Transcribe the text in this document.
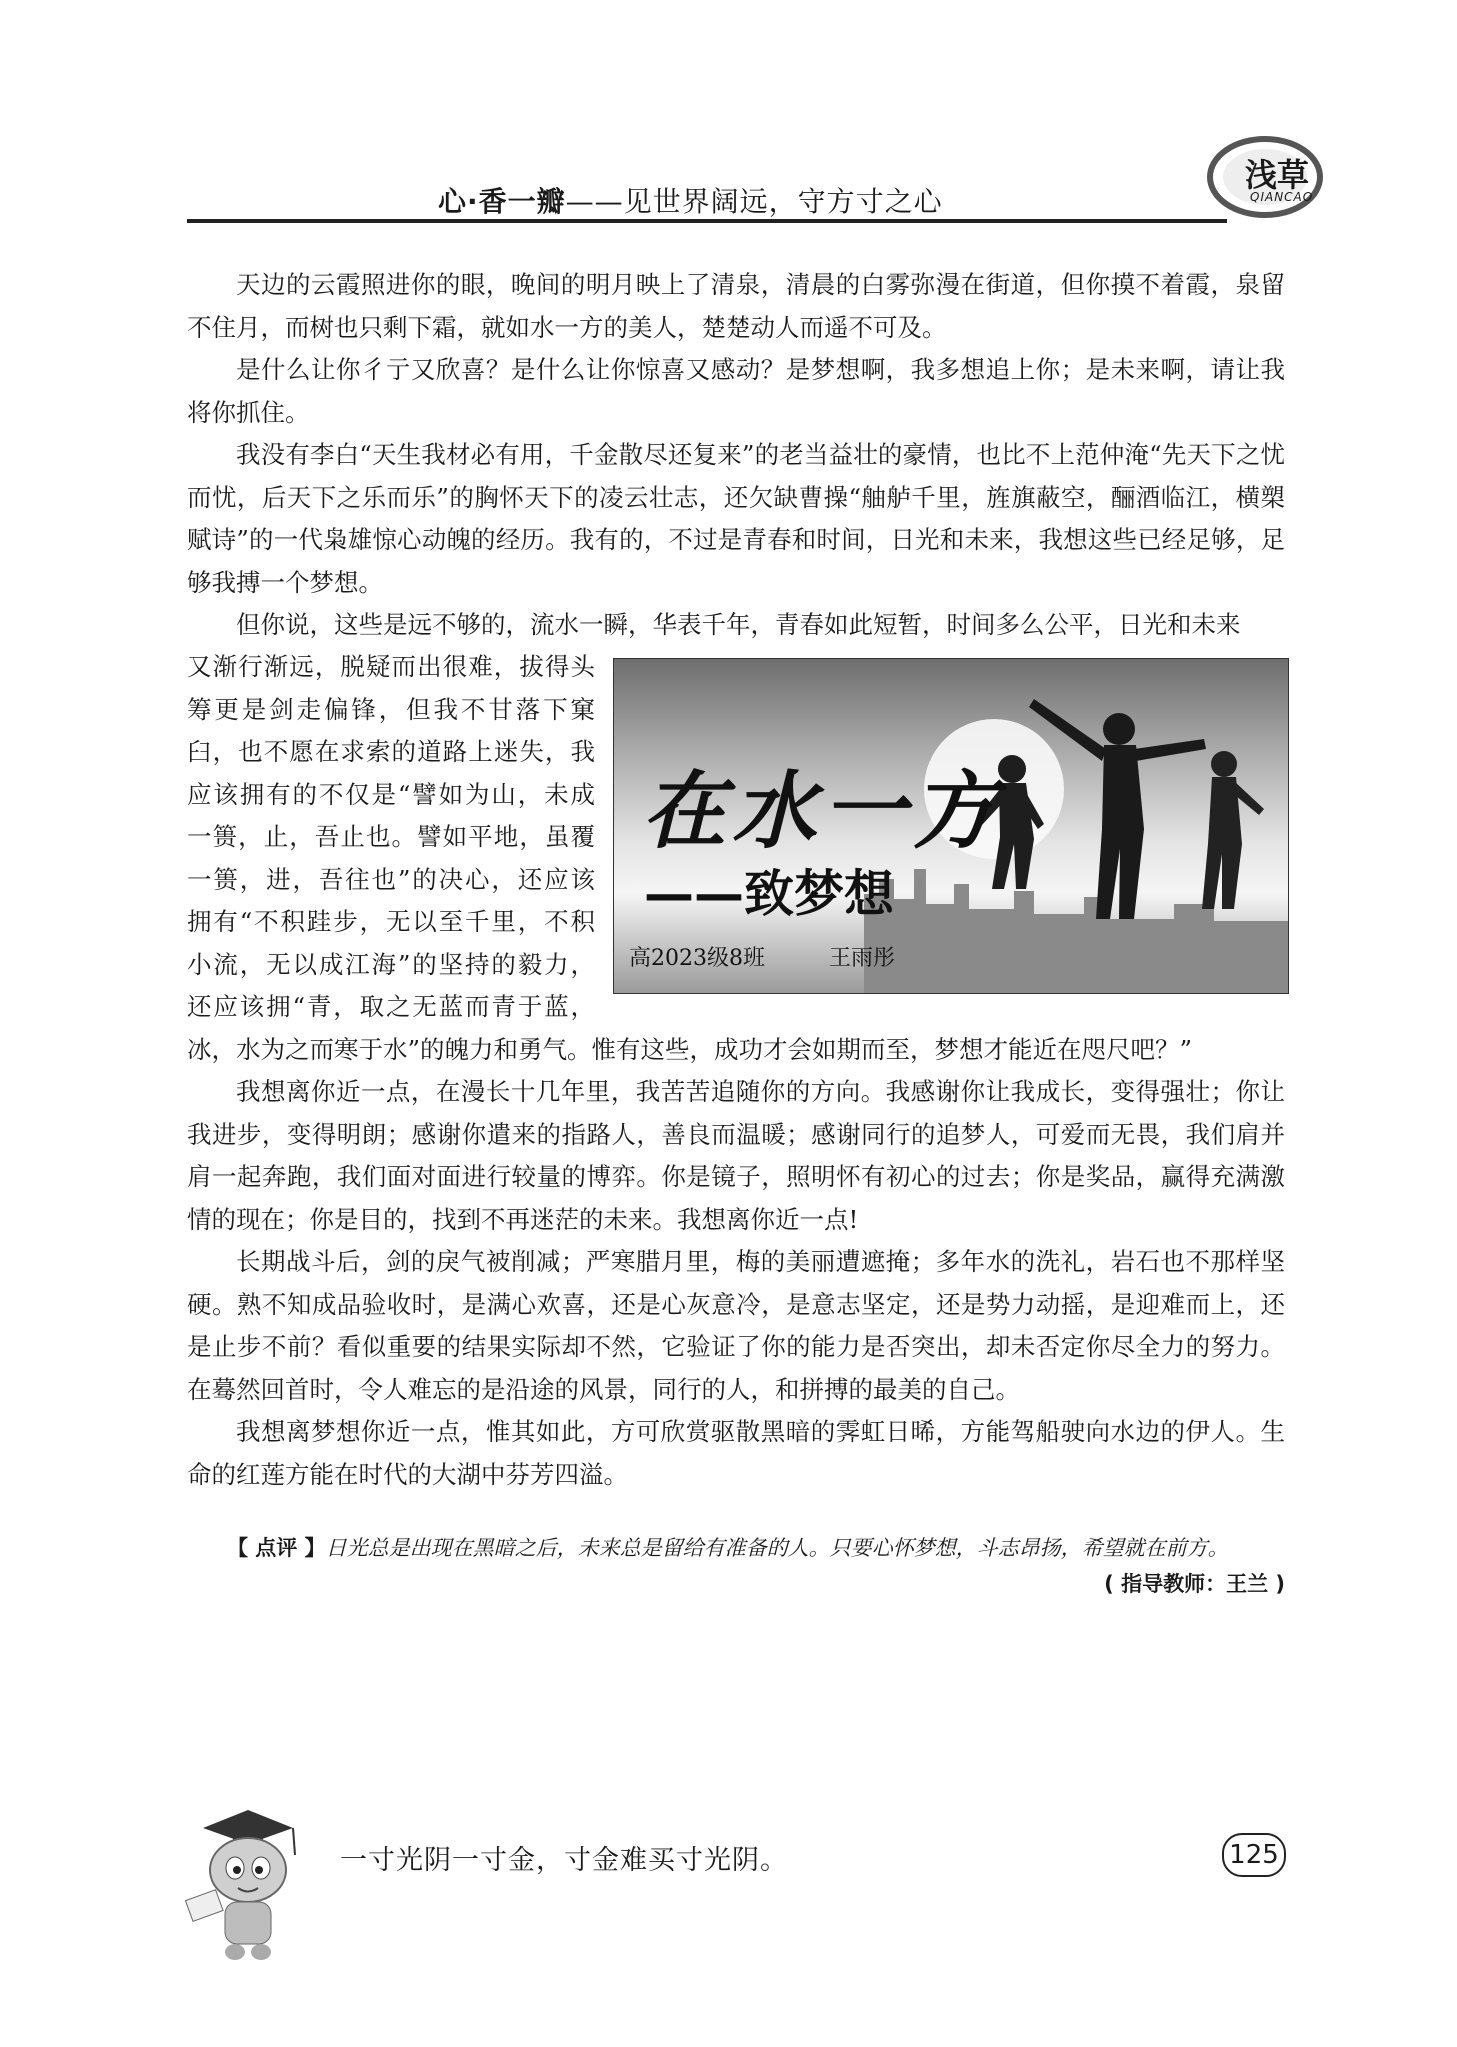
心·香一瓣——见世界阔远，守方寸之心
浅草
QIANCAO

天边的云霞照进你的眼，晚间的明月映上了清泉，清晨的白雾弥漫在街道，但你摸不着霞，泉留不住月，而树也只剩下霜，就如水一方的美人，楚楚动人而遥不可及。

是什么让你彳亍又欣喜？是什么让你惊喜又感动？是梦想啊，我多想追上你；是未来啊，请让我将你抓住。

我没有李白“天生我材必有用，千金散尽还复来”的老当益壮的豪情，也比不上范仲淹“先天下之忧而忧，后天下之乐而乐”的胸怀天下的凌云壮志，还欠缺曹操“舳舻千里，旌旗蔽空，酾酒临江，横槊赋诗”的一代枭雄惊心动魄的经历。我有的，不过是青春和时间，日光和未来，我想这些已经足够，足够我搏一个梦想。

但你说，这些是远不够的，流水一瞬，华表千年，青春如此短暂，时间多么公平，日光和未来

又渐行渐远，脱疑而出很难，拔得头

筹更是剑走偏锋，但我不甘落下窠

臼，也不愿在求索的道路上迷失，我

应该拥有的不仅是“譬如为山，未成

一篑，止，吾止也。譬如平地，虽覆

一篑，进，吾往也”的决心，还应该

拥有“不积跬步，无以至千里，不积

小流，无以成江海”的坚持的毅力，

还应该拥“青，取之无蓝而青于蓝，

冰，水为之而寒于水”的魄力和勇气。惟有这些，成功才会如期而至，梦想才能近在咫尺吧？”

我想离你近一点，在漫长十几年里，我苦苦追随你的方向。我感谢你让我成长，变得强壮；你让我进步，变得明朗；感谢你遣来的指路人，善良而温暖；感谢同行的追梦人，可爱而无畏，我们肩并肩一起奔跑，我们面对面进行较量的博弈。你是镜子，照明怀有初心的过去；你是奖品，赢得充满激情的现在；你是目的，找到不再迷茫的未来。我想离你近一点!

长期战斗后，剑的戾气被削减；严寒腊月里，梅的美丽遭遮掩；多年水的洗礼，岩石也不那样坚硬。熟不知成品验收时，是满心欢喜，还是心灰意冷，是意志坚定，还是势力动摇，是迎难而上，还是止步不前？看似重要的结果实际却不然，它验证了你的能力是否突出，却未否定你尽全力的努力。在蓦然回首时，令人难忘的是沿途的风景，同行的人，和拼搏的最美的自己。

我想离梦想你近一点，惟其如此，方可欣赏驱散黑暗的霁虹日晞，方能驾船驶向水边的伊人。生命的红莲方能在时代的大湖中芬芳四溢。

在水一方
——致梦想
高2023级8班	王雨彤

【 点评 】日光总是出现在黑暗之后，未来总是留给有准备的人。只要心怀梦想，斗志昂扬，希望就在前方。

( 指导教师：王兰 )
一寸光阴一寸金，寸金难买寸光阴。	125
